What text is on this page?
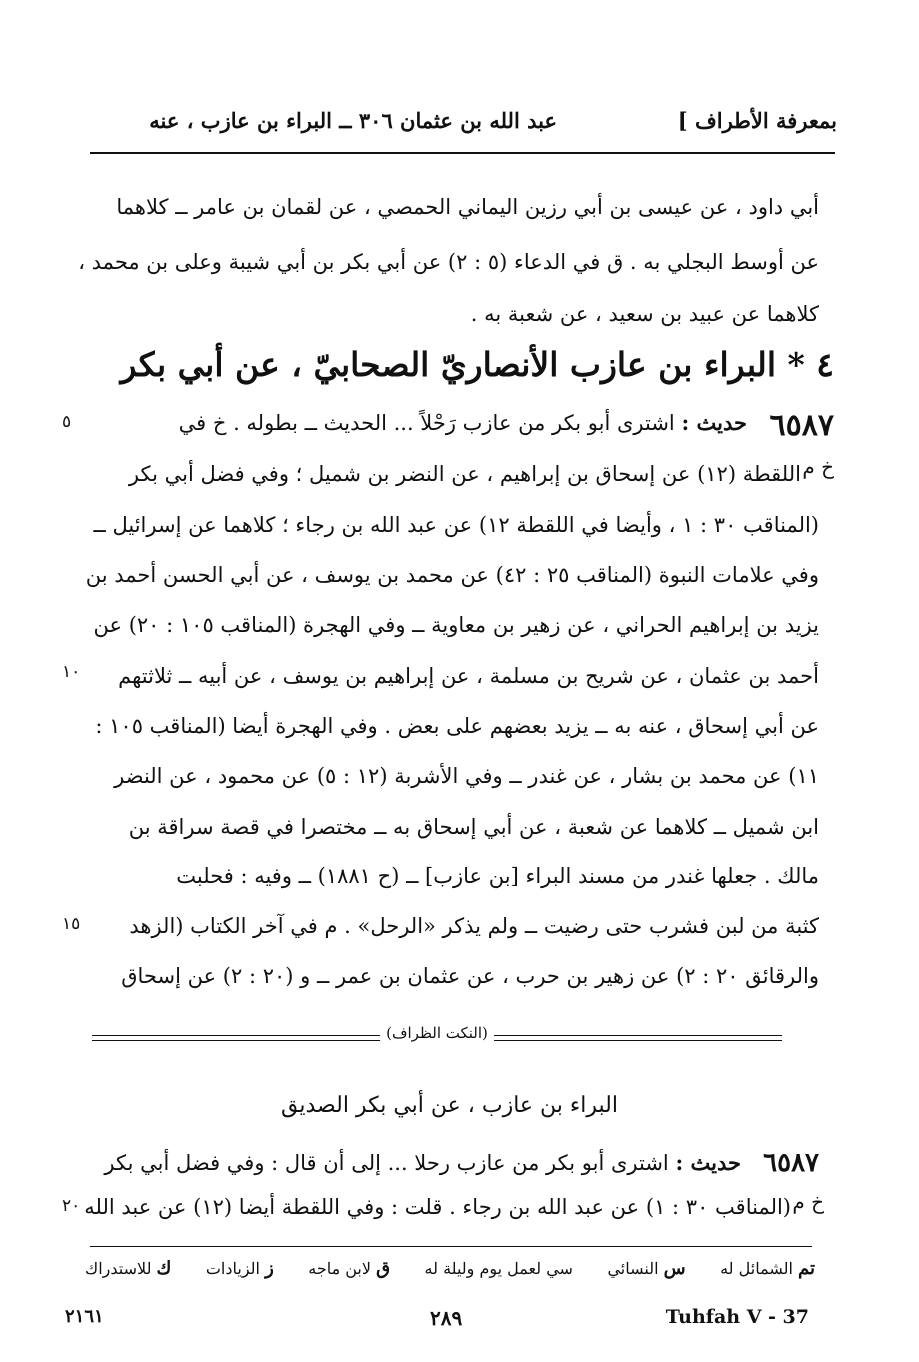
بمعرفة الأطراف ]
عبد الله بن عثمان ٣٠٦ ــ البراء بن عازب ، عنه
أبي داود ، عن عيسى بن أبي رزين اليماني الحمصي ، عن لقمان بن عامر ــ كلاهما
عن أوسط البجلي به . ق في الدعاء (٥ : ٢) عن أبي بكر بن أبي شيبة وعلى بن محمد ،
كلاهما عن عبيد بن سعيد ، عن شعبة به .
٤ * البراء بن عازب الأنصاريّ الصحابيّ ، عن أبي بكر
٦٥٨٧
خ م
حديث : اشترى أبو بكر من عازب رَحْلاً ... الحديث ــ بطوله . خ في
اللقطة (١٢) عن إسحاق بن إبراهيم ، عن النضر بن شميل ؛ وفي فضل أبي بكر
(المناقب ٣٠ : ١ ، وأيضا في اللقطة ١٢) عن عبد الله بن رجاء ؛ كلاهما عن إسرائيل ــ
وفي علامات النبوة (المناقب ٢٥ : ٤٢) عن محمد بن يوسف ، عن أبي الحسن أحمد بن
يزيد بن إبراهيم الحراني ، عن زهير بن معاوية ــ وفي الهجرة (المناقب ١٠٥ : ٢٠) عن
أحمد بن عثمان ، عن شريح بن مسلمة ، عن إبراهيم بن يوسف ، عن أبيه ــ ثلاثتهم
عن أبي إسحاق ، عنه به ــ يزيد بعضهم على بعض . وفي الهجرة أيضا (المناقب ١٠٥ :
١١) عن محمد بن بشار ، عن غندر ــ وفي الأشربة (١٢ : ٥) عن محمود ، عن النضر
ابن شميل ــ كلاهما عن شعبة ، عن أبي إسحاق به ــ مختصرا في قصة سراقة بن
مالك . جعلها غندر من مسند البراء [بن عازب] ــ (ح ١٨٨١) ــ وفيه : فحلبت
كثبة من لبن فشرب حتى رضيت ــ ولم يذكر «الرحل» . م في آخر الكتاب (الزهد
والرقائق ٢٠ : ٢) عن زهير بن حرب ، عن عثمان بن عمر ــ و (٢٠ : ٢) عن إسحاق
٥
١٠
١٥
٢٠
(النكت الظراف)
البراء بن عازب ، عن أبي بكر الصديق
٦٥٨٧
خ م
حديث : اشترى أبو بكر من عازب رحلا ... إلى أن قال : وفي فضل أبي بكر
(المناقب ٣٠ : ١) عن عبد الله بن رجاء . قلت : وفي اللقطة أيضا (١٢) عن عبد الله
تم الشمائل له
س النسائي
سي لعمل يوم وليلة له
ق لابن ماجه
ز الزيادات
ك للاستدراك
٢١٦١	٢٨٩	Tuhfah V - 37
